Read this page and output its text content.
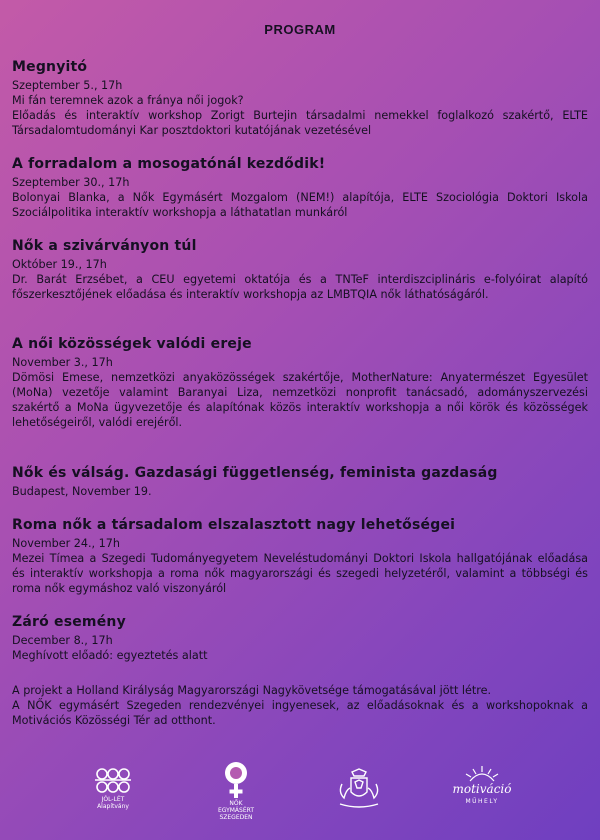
PROGRAM
Megnyitó

Szeptember 5., 17h

Mi fán teremnek azok a fránya női jogok?
Előadás és interaktív workshop Zorigt Burtejin társadalmi nemekkel foglalkozó szakértő, ELTE Társadalomtudományi Kar posztdoktori kutatójának vezetésével

A forradalom a mosogatónál kezdődik!

Szeptember 30., 17h

Bolonyai Blanka, a Nők Egymásért Mozgalom (NEM!) alapítója, ELTE Szociológia Doktori Iskola Szociálpolitika interaktív workshopja a láthatatlan munkáról

Nők a szivárványon túl

Október 19., 17h

Dr. Barát Erzsébet, a CEU egyetemi oktatója és a TNTeF interdiszciplináris e-folyóirat alapító főszerkesztőjének előadása és interaktív workshopja az LMBTQIA nők láthatóságáról.

A női közösségek valódi ereje

November 3., 17h

Dömösi Emese, nemzetközi anyaközösségek szakértője, MotherNature: Anyatermészet Egyesület (MoNa) vezetője valamint Baranyai Liza, nemzetközi nonprofit tanácsadó, adományszervezési szakértő a MoNa ügyvezetője és alapítónak közös interaktív workshopja a női körök és közösségek lehetőségeiről, valódi erejéről.

Nők és válság. Gazdasági függetlenség, feminista gazdaság

Budapest, November 19.

Roma nők a társadalom elszalasztott nagy lehetőségei

November 24., 17h

Mezei Tímea a Szegedi Tudományegyetem Neveléstudományi Doktori Iskola hallgatójának előadása és interaktív workshopja a roma nők magyarországi és szegedi helyzetéről, valamint a többségi és roma nők egymáshoz való viszonyáról

Záró esemény

December 8., 17h

Meghívott előadó: egyeztetés alatt

A projekt a Holland Királyság Magyarországi Nagykövetsége támogatásával jött létre.

A NŐK egymásért Szegeden rendezvényei ingyenesek, az előadásoknak és a workshopoknak a Motivációs Közösségi Tér ad otthont.

JÓL-LÉT
Alapítvány	NŐK
EGYMÁSÉRT
SZEGEDEN
motiváció
MŰHELY
